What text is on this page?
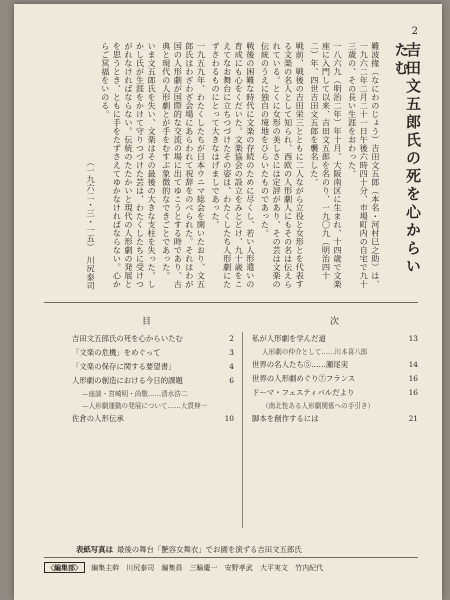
2
吉田文五郎氏の死を心からいたむ

難波掾（なにわのじょう）吉田文五郎（本名・河村巳之助）は、一九六二年二月二十一日午後六時四十分、市場町内の自宅で九十三歳の、その長い生涯をおわった。

一八六九（明治二年）年十月、大阪南区に生まれ、十四歳で文楽座に入門して以来、吉田文五郎を名のり、一九〇九（明治四十二）年、四世吉田文五郎を襲名した。

戦前、戦後の吉田栄三とともに二人ながら立役と女形とを代表する文楽の名人として知られ、西欧の人形劇人にもその名は伝えられている。とくに女形の美しさには定評があり、その芸は文楽の伝統のうえに独自の境地をひらいたものであった。

戦後の困難な時代に文楽の存続のために尽くし、若い人形遣いの育成にも心をくだいた。文楽協会の設立をみとどけ、九十歳をこえてなお舞台に立ちつづけたその姿は、わたくしたち人形劇にたずさわるものにとって大きなはげましであった。

一九五九年、わたくしたちが日本ウニマ総会を開いたおり、文五郎氏はわざわざ会場にあらわれて祝辞をのべられた。それはわが国の人形劇が国際的な交流の場に出てゆこうとする時であり、古典と現代の人形劇とが手をむすぶ象徴的なできごとであった。

いま文五郎氏を失い、文楽はその最後の大きな支柱を失った。しかし氏が生涯をかけて守りつづけた芸は、わたくしたちに受けつがれなければならない。伝統のたたかいと現代の人形劇の発展とを思うとき、ともに手をたずさえてゆかなければならない。心からご冥福をいのる。

（一九六二・三・一五）　川尻泰司
目	次
吉田文五郎氏の死を心からいたむ	2
「文楽の危機」をめぐって	3
「文楽の保存に関する要望書」	4
人形劇の創造における今日的課題	6
—座談・宮崎明・尚敬……清水浩二
—人形劇運動の発展について……大貫伸一
佐倉の人形伝承	10
私が人形劇を学んだ道	13
人形劇の仲介として……川本喜八郎
世界の名人たち⑤……瀬尾実	14
世界の人形劇めぐり⑦フランス	16
ドーマ・フェスティバルだより	16
（南北性ある人形劇関係への手引き）
脚本を創作するには	21
表紙写真は 最後の舞台「艶容女舞衣」でお園を演ずる吉田文五郎氏
〈編集部〉 編集主幹　川尻泰司 編集員　三輪慶一 安野孝武 大平実文 竹内紀代
